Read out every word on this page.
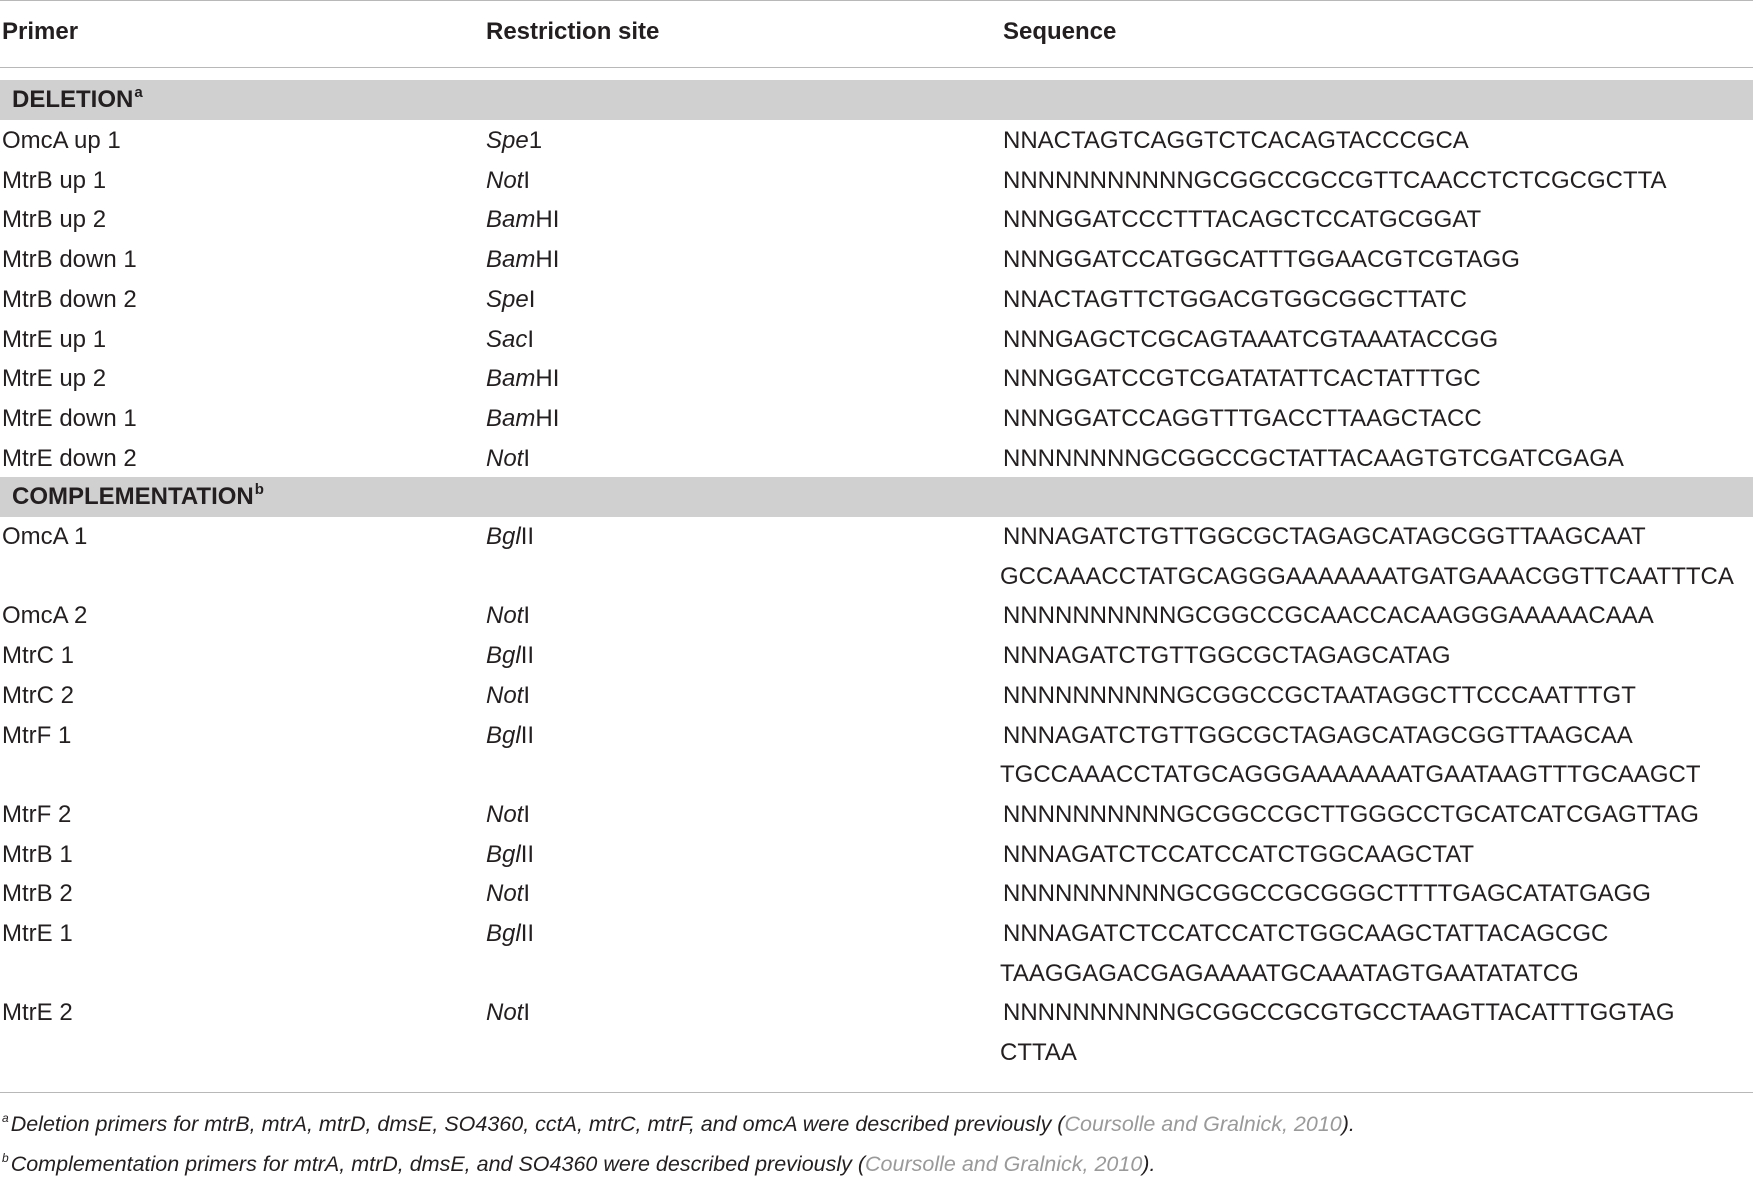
Primer	Restriction site	Sequence
DELETION$^a$
OmcA up 1	Spe1	NNACTAGTCAGGTCTCACAGTACCCGCA
MtrB up 1	NotI	NNNNNNNNNNNGCGGCCGCCGTTCAACCTCTCGCGCTTA
MtrB up 2	BamHI	NNNGGATCCCTTTACAGCTCCATGCGGAT
MtrB down 1	BamHI	NNNGGATCCATGGCATTTGGAACGTCGTAGG
MtrB down 2	SpeI	NNACTAGTTCTGGACGTGGCGGCTTATC
MtrE up 1	SacI	NNNGAGCTCGCAGTAAATCGTAAATACCGG
MtrE up 2	BamHI	NNNGGATCCGTCGATATATTCACTATTTGC
MtrE down 1	BamHI	NNNGGATCCAGGTTTGACCTTAAGCTACC
MtrE down 2	NotI	NNNNNNNNGCGGCCGCTATTACAAGTGTCGATCGAGA
COMPLEMENTATION$^b$
OmcA 1	BglII	NNNAGATCTGTTGGCGCTAGAGCATAGCGGTTAAGCAAT
GCCAAACCTATGCAGGGAAAAAAATGATGAAACGGTTCAATTTCA
OmcA 2	NotI	NNNNNNNNNNGCGGCCGCAACCACAAGGGAAAAACAAA
MtrC 1	BglII	NNNAGATCTGTTGGCGCTAGAGCATAG
MtrC 2	NotI	NNNNNNNNNNGCGGCCGCTAATAGGCTTCCCAATTTGT
MtrF 1	BglII	NNNAGATCTGTTGGCGCTAGAGCATAGCGGTTAAGCAA
TGCCAAACCTATGCAGGGAAAAAAATGAATAAGTTTGCAAGCT
MtrF 2	NotI	NNNNNNNNNNGCGGCCGCTTGGGCCTGCATCATCGAGTTAG
MtrB 1	BglII	NNNAGATCTCCATCCATCTGGCAAGCTAT
MtrB 2	NotI	NNNNNNNNNNGCGGCCGCGGGCTTTTGAGCATATGAGG
MtrE 1	BglII	NNNAGATCTCCATCCATCTGGCAAGCTATTACAGCGC
TAAGGAGACGAGAAAATGCAAATAGTGAATATATCG
MtrE 2	NotI	NNNNNNNNNNGCGGCCGCGTGCCTAAGTTACATTTGGTAG
CTTAA
$^a$Deletion primers for mtrB, mtrA, mtrD, dmsE, SO4360, cctA, mtrC, mtrF, and omcA were described previously (Coursolle and Gralnick, 2010).
$^b$Complementation primers for mtrA, mtrD, dmsE, and SO4360 were described previously (Coursolle and Gralnick, 2010).
